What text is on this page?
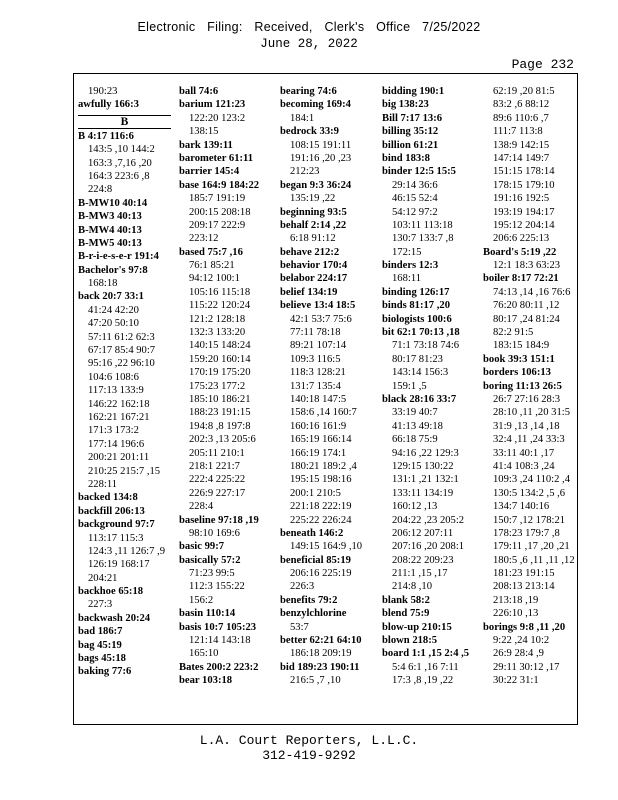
Electronic Filing: Received, Clerk's Office 7/25/2022
June 28, 2022
Page 232
190:23
awfully 166:3
B
B 4:17 116:6
143:5 ,10 144:2
163:3 ,7,16 ,20
164:3 223:6 ,8
224:8
B-MW10 40:14
B-MW3 40:13
B-MW4 40:13
B-MW5 40:13
B-r-i-e-s-e-r 191:4
Bachelor's 97:8
168:18
back 20:7 33:1
41:24 42:20
47:20 50:10
57:11 61:2 62:3
67:17 85:4 90:7
95:16 ,22 96:10
104:6 108:6
117:13 133:9
146:22 162:18
162:21 167:21
171:3 173:2
177:14 196:6
200:21 201:11
210:25 215:7 ,15
228:11
backed 134:8
backfill 206:13
background 97:7
113:17 115:3
124:3 ,11 126:7 ,9
126:19 168:17
204:21
backhoe 65:18
227:3
backwash 20:24
bad 186:7
bag 45:19
bags 45:18
baking 77:6
ball 74:6
barium 121:23
122:20 123:2
138:15
bark 139:11
barometer 61:11
barrier 145:4
base 164:9 184:22
185:7 191:19
200:15 208:18
209:17 222:9
223:12
based 75:7 ,16
76:1 85:21
94:12 100:1
105:16 115:18
115:22 120:24
121:2 128:18
132:3 133:20
140:15 148:24
159:20 160:14
170:19 175:20
175:23 177:2
185:10 186:21
188:23 191:15
194:8 ,8 197:8
202:3 ,13 205:6
205:11 210:1
218:1 221:7
222:4 225:22
226:9 227:17
228:4
baseline 97:18 ,19
98:10 169:6
basic 99:7
basically 57:2
71:23 99:5
112:3 155:22
156:2
basin 110:14
basis 10:7 105:23
121:14 143:18
165:10
Bates 200:2 223:2
bear 103:18
bearing 74:6
becoming 169:4
184:1
bedrock 33:9
108:15 191:11
191:16 ,20 ,23
212:23
began 9:3 36:24
135:19 ,22
beginning 93:5
behalf 2:14 ,22
6:18 91:12
behave 212:2
behavior 170:4
belabor 224:17
belief 134:19
believe 13:4 18:5
42:1 53:7 75:6
77:11 78:18
89:21 107:14
109:3 116:5
118:3 128:21
131:7 135:4
140:18 147:5
158:6 ,14 160:7
160:16 161:9
165:19 166:14
166:19 174:1
180:21 189:2 ,4
195:15 198:16
200:1 210:5
221:18 222:19
225:22 226:24
beneath 146:2
149:15 164:9 ,10
beneficial 85:19
206:16 225:19
226:3
benefits 79:2
benzylchlorine
53:7
better 62:21 64:10
186:18 209:19
bid 189:23 190:11
216:5 ,7 ,10
bidding 190:1
big 138:23
Bill 7:17 13:6
billing 35:12
billion 61:21
bind 183:8
binder 12:5 15:5
29:14 36:6
46:15 52:4
54:12 97:2
103:11 113:18
130:7 133:7 ,8
172:15
binders 12:3
168:11
binding 126:17
binds 81:17 ,20
biologists 100:6
bit 62:1 70:13 ,18
71:1 73:18 74:6
80:17 81:23
143:14 156:3
159:1 ,5
black 28:16 33:7
33:19 40:7
41:13 49:18
66:18 75:9
94:16 ,22 129:3
129:15 130:22
131:1 ,21 132:1
133:11 134:19
160:12 ,13
204:22 ,23 205:2
206:12 207:11
207:16 ,20 208:1
208:22 209:23
211:1 ,15 ,17
214:8 ,10
blank 58:2
blend 75:9
blow-up 210:15
blown 218:5
board 1:1 ,15 2:4 ,5
5:4 6:1 ,16 7:11
17:3 ,8 ,19 ,22
62:19 ,20 81:5
83:2 ,6 88:12
89:6 110:6 ,7
111:7 113:8
138:9 142:15
147:14 149:7
151:15 178:14
178:15 179:10
191:16 192:5
193:19 194:17
195:12 204:14
206:6 225:13
Board's 5:19 ,22
12:1 18:3 63:23
boiler 8:17 72:21
74:13 ,14 ,16 76:6
76:20 80:11 ,12
80:17 ,24 81:24
82:2 91:5
183:15 184:9
book 39:3 151:1
borders 106:13
boring 11:13 26:5
26:7 27:16 28:3
28:10 ,11 ,20 31:5
31:9 ,13 ,14 ,18
32:4 ,11 ,24 33:3
33:11 40:1 ,17
41:4 108:3 ,24
109:3 ,24 110:2 ,4
130:5 134:2 ,5 ,6
134:7 140:16
150:7 ,12 178:21
178:23 179:7 ,8
179:11 ,17 ,20 ,21
180:5 ,6 ,11 ,11 ,12
181:23 191:15
208:13 213:14
213:18 ,19
226:10 ,13
borings 9:8 ,11 ,20
9:22 ,24 10:2
26:9 28:4 ,9
29:11 30:12 ,17
30:22 31:1
L.A. Court Reporters, L.L.C.
312-419-9292
